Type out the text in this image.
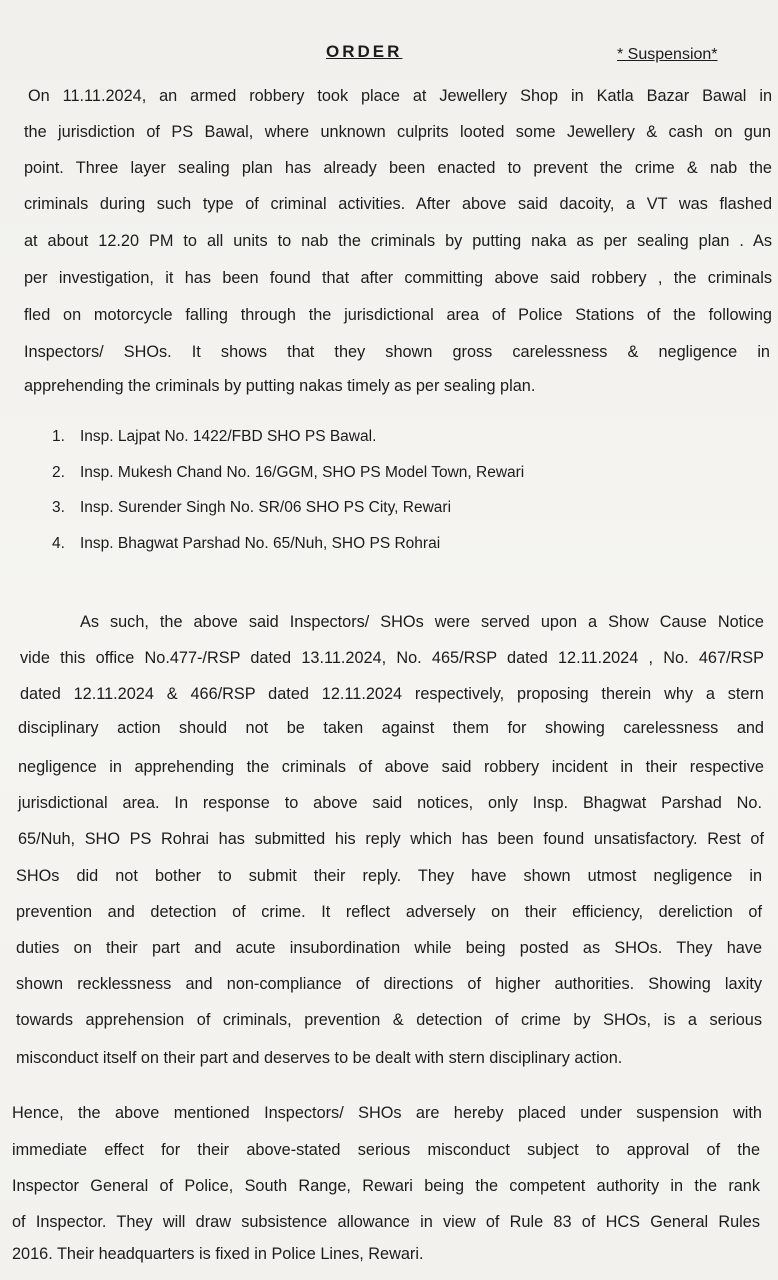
ORDER	* Suspension*
On 11.11.2024, an armed robbery took place at Jewellery Shop in Katla Bazar Bawal in
the jurisdiction of PS Bawal, where unknown culprits looted some Jewellery & cash on gun
point. Three layer sealing plan has already been enacted to prevent the crime & nab the
criminals during such type of criminal activities. After above said dacoity, a VT was flashed
at about 12.20 PM to all units to nab the criminals by putting naka as per sealing plan . As
per investigation, it has been found that after committing above said robbery , the criminals
fled on motorcycle falling through the jurisdictional area of Police Stations of the following
Inspectors/ SHOs. It shows that they shown gross carelessness & negligence in
apprehending the criminals by putting nakas timely as per sealing plan.
1. Insp. Lajpat No. 1422/FBD SHO PS Bawal.
2. Insp. Mukesh Chand No. 16/GGM, SHO PS Model Town, Rewari
3. Insp. Surender Singh No. SR/06 SHO PS City, Rewari
4. Insp. Bhagwat Parshad No. 65/Nuh, SHO PS Rohrai
As such, the above said Inspectors/ SHOs were served upon a Show Cause Notice
vide this office No.477-/RSP dated 13.11.2024, No. 465/RSP dated 12.11.2024 , No. 467/RSP
dated 12.11.2024 & 466/RSP dated 12.11.2024 respectively, proposing therein why a stern
disciplinary action should not be taken against them for showing carelessness and
negligence in apprehending the criminals of above said robbery incident in their respective
jurisdictional area. In response to above said notices, only Insp. Bhagwat Parshad No.
65/Nuh, SHO PS Rohrai has submitted his reply which has been found unsatisfactory. Rest of
SHOs did not bother to submit their reply. They have shown utmost negligence in
prevention and detection of crime. It reflect adversely on their efficiency, dereliction of
duties on their part and acute insubordination while being posted as SHOs. They have
shown recklessness and non-compliance of directions of higher authorities. Showing laxity
towards apprehension of criminals, prevention & detection of crime by SHOs, is a serious
misconduct itself on their part and deserves to be dealt with stern disciplinary action.
Hence, the above mentioned Inspectors/ SHOs are hereby placed under suspension with
immediate effect for their above-stated serious misconduct subject to approval of the
Inspector General of Police, South Range, Rewari being the competent authority in the rank
of Inspector. They will draw subsistence allowance in view of Rule 83 of HCS General Rules
2016. Their headquarters is fixed in Police Lines, Rewari.
